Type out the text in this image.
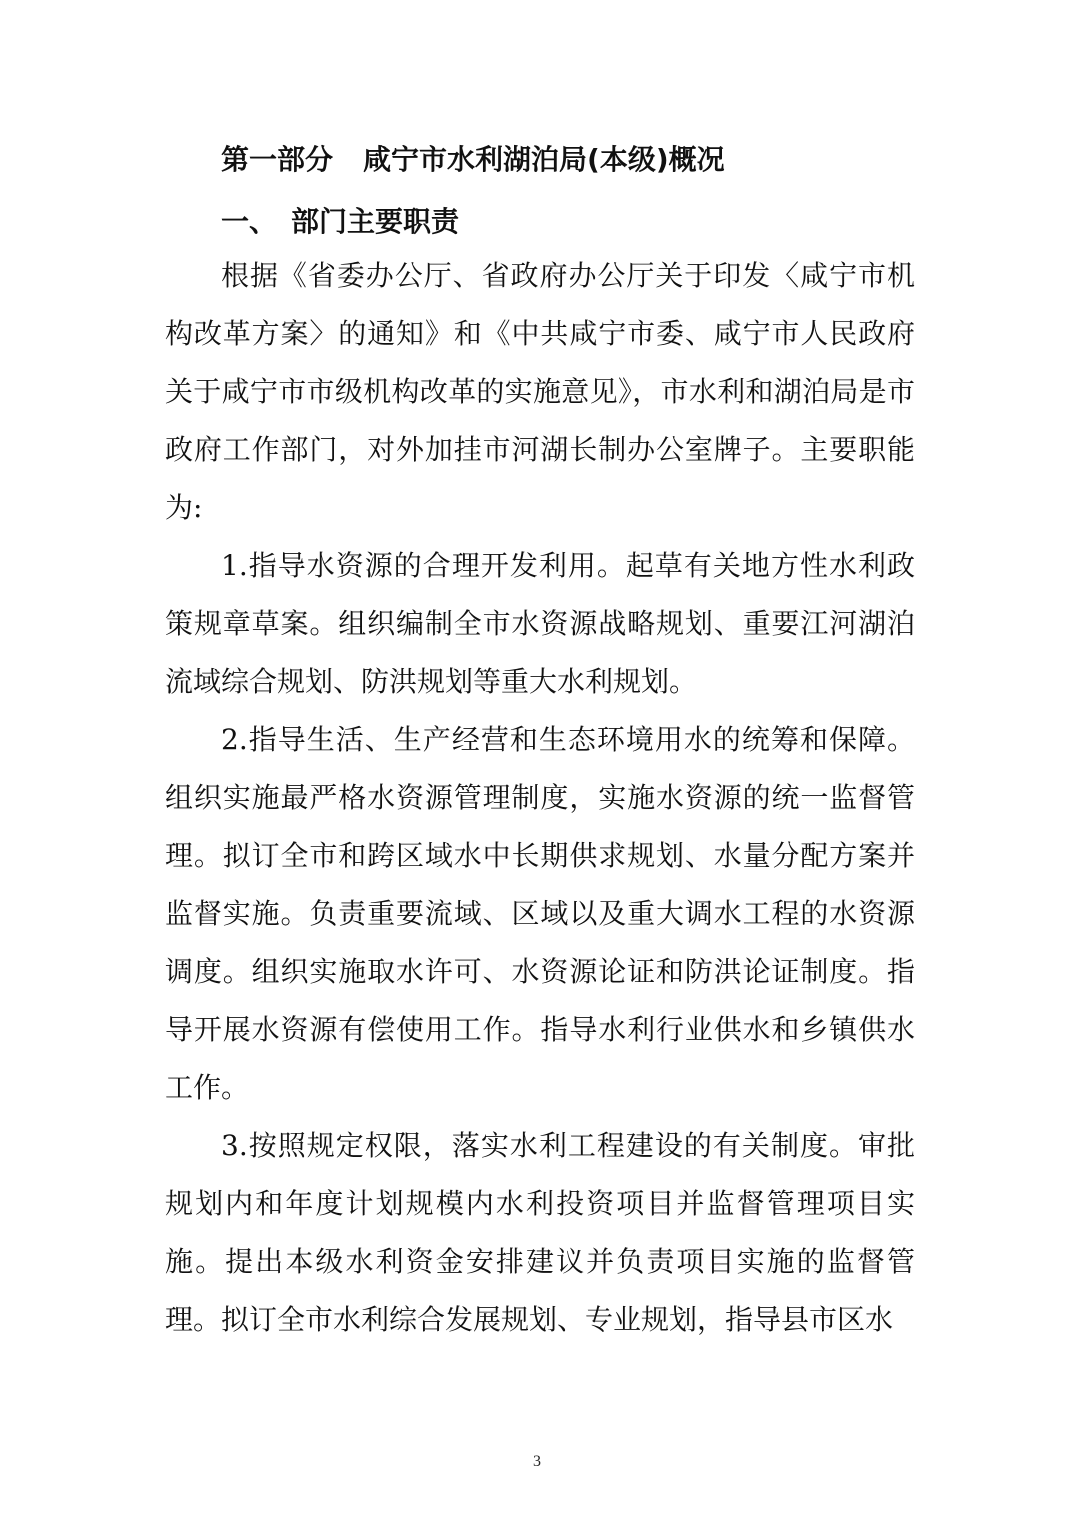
第一部分 咸宁市水利湖泊局(本级)概况
一、 部门主要职责

根据《省委办公厅、省政府办公厅关于印发〈咸宁市机构改革方案〉的通知》和《中共咸宁市委、咸宁市人民政府关于咸宁市市级机构改革的实施意见》，市水利和湖泊局是市政府工作部门，对外加挂市河湖长制办公室牌子。主要职能为:

1.指导水资源的合理开发利用。起草有关地方性水利政策规章草案。组织编制全市水资源战略规划、重要江河湖泊流域综合规划、防洪规划等重大水利规划。

2.指导生活、生产经营和生态环境用水的统筹和保障。组织实施最严格水资源管理制度，实施水资源的统一监督管理。拟订全市和跨区域水中长期供求规划、水量分配方案并监督实施。负责重要流域、区域以及重大调水工程的水资源调度。组织实施取水许可、水资源论证和防洪论证制度。指导开展水资源有偿使用工作。指导水利行业供水和乡镇供水工作。

3.按照规定权限，落实水利工程建设的有关制度。审批规划内和年度计划规模内水利投资项目并监督管理项目实施。提出本级水利资金安排建议并负责项目实施的监督管理。拟订全市水利综合发展规划、专业规划，指导县市区水

3
